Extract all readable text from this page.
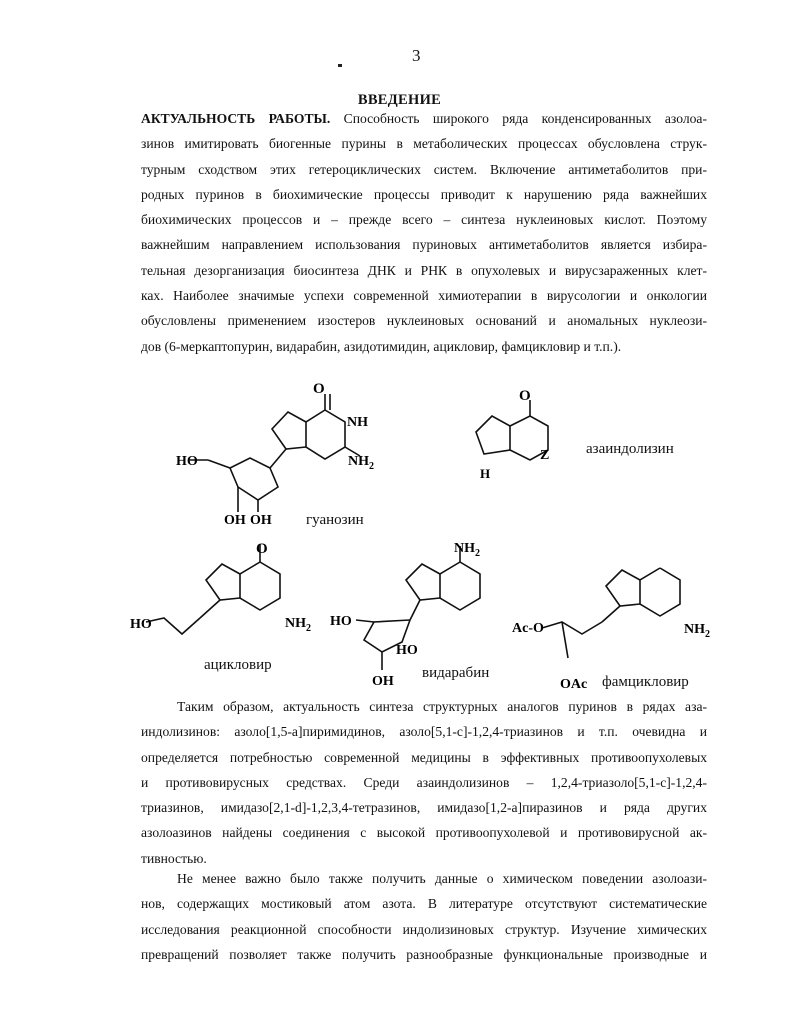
3
ВВЕДЕНИЕ
АКТУАЛЬНОСТЬ РАБОТЫ. Способность широкого ряда конденсированных азолоа-
зинов имитировать биогенные пурины в метаболических процессах обусловлена струк-
турным сходством этих гетероциклических систем. Включение антиметаболитов при-
родных пуринов в биохимические процессы приводит к нарушению ряда важнейших
биохимических процессов и – прежде всего – синтеза нуклеиновых кислот. Поэтому
важнейшим направлением использования пуриновых антиметаболитов является избира-
тельная дезорганизация биосинтеза ДНК и РНК в опухолевых и вирусзараженных клет-
ках. Наиболее значимые успехи современной химиотерапии в вирусологии и онкологии
обусловлены применением изостеров нуклеиновых оснований и аномальных нуклеози-
дов (6-меркаптопурин, видарабин, азидотимидин, ацикловир, фамцикловир и т.п.).
O
NH
$NH_2$
HO
OH OH
O
Z
H
O
HO	$NH_2$
$NH_2$
HO
HO
OH
Ac-O	$NH_2$
OAc
азаиндолизин
гуанозин
ацикловир	видарабин
фамцикловир
Таким образом, актуальность синтеза структурных аналогов пуринов в рядах аза-
индолизинов: азоло[1,5-а]пиримидинов, азоло[5,1-с]-1,2,4-триазинов и т.п. очевидна и
определяется потребностью современной медицины в эффективных противоопухолевых
и противовирусных средствах. Среди азаиндолизинов – 1,2,4-триазоло[5,1-с]-1,2,4-
триазинов, имидазо[2,1-d]-1,2,3,4-тетразинов, имидазо[1,2-а]пиразинов и ряда других
азолоазинов найдены соединения с высокой противоопухолевой и противовирусной ак-
тивностью.
Не менее важно было также получить данные о химическом поведении азолоази-
нов, содержащих мостиковый атом азота. В литературе отсутствуют систематические
исследования реакционной способности индолизиновых структур. Изучение химических
превращений позволяет также получить разнообразные функциональные производные и
